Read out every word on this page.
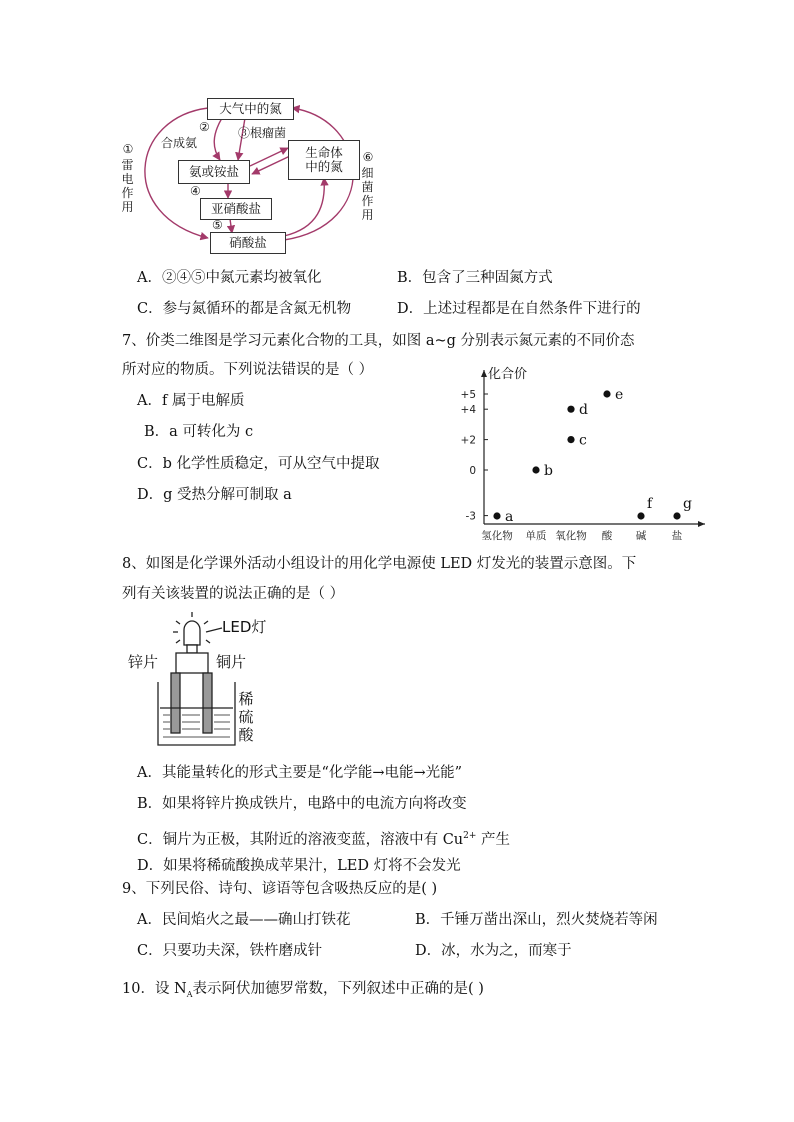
大气中的氮
氨或铵盐
生命体
中的氮
亚硝酸盐
硝酸盐
①
雷电作用
②
合成氨
③根瘤菌
④
⑤
⑥
细菌作用
A．②④⑤中氮元素均被氧化	B．包含了三种固氮方式
C．参与氮循环的都是含氮无机物	D．上述过程都是在自然条件下进行的
7、价类二维图是学习元素化合物的工具，如图 a~g 分别表示氮元素的不同价态
所对应的物质。下列说法错误的是（ ）
A．f 属于电解质
B．a 可转化为 c
C．b 化学性质稳定，可从空气中提取
D．g 受热分解可制取 a
化合价
+5
+4
+2
0
-3
氢化物 单质 氧化物 酸 碱 盐
a
b
c
d
e
f g
8、如图是化学课外活动小组设计的用化学电源使 LED 灯发光的装置示意图。下
列有关该装置的说法正确的是（ ）
LED灯
锌片	铜片
稀硫酸
A．其能量转化的形式主要是“化学能→电能→光能”
B．如果将锌片换成铁片，电路中的电流方向将改变
C．铜片为正极，其附近的溶液变蓝，溶液中有 $Cu^{2+}$ 产生
D．如果将稀硫酸换成苹果汁，LED 灯将不会发光
9、下列民俗、诗句、谚语等包含吸热反应的是( )
A．民间焰火之最——确山打铁花	B．千锤万凿出深山，烈火焚烧若等闲
C．只要功夫深，铁杵磨成针	D．冰，水为之，而寒于
10．设 $N_A$表示阿伏加德罗常数，下列叙述中正确的是( )
